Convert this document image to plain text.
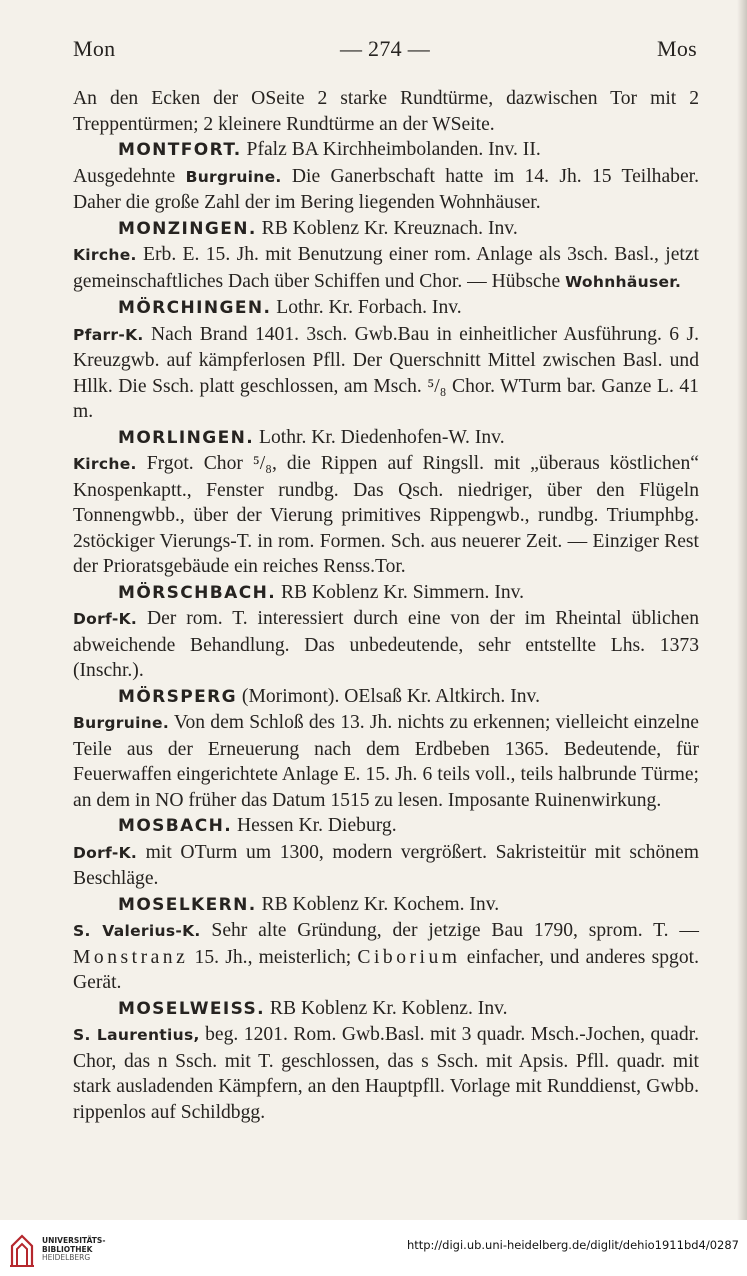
Mon	— 274 —	Mos

An den Ecken der OSeite 2 starke Rundtürme, dazwischen Tor mit 2 Treppentürmen; 2 kleinere Rundtürme an der WSeite.

MONTFORT. Pfalz BA Kirchheimbolanden. Inv. II.

Ausgedehnte Burgruine. Die Ganerbschaft hatte im 14. Jh. 15 Teilhaber. Daher die große Zahl der im Bering liegenden Wohnhäuser.

MONZINGEN. RB Koblenz Kr. Kreuznach. Inv.

Kirche. Erb. E. 15. Jh. mit Benutzung einer rom. Anlage als 3sch. Basl., jetzt gemeinschaftliches Dach über Schiffen und Chor. — Hübsche Wohnhäuser.

MÖRCHINGEN. Lothr. Kr. Forbach. Inv.

Pfarr-K. Nach Brand 1401. 3sch. Gwb.Bau in einheitlicher Ausführung. 6 J. Kreuzgwb. auf kämpferlosen Pfll. Der Querschnitt Mittel zwischen Basl. und Hllk. Die Ssch. platt geschlossen, am Msch. ⁵/₈ Chor. WTurm bar. Ganze L. 41 m.

MORLINGEN. Lothr. Kr. Diedenhofen-W. Inv.

Kirche. Frgot. Chor ⁵/₈, die Rippen auf Ringsll. mit „überaus köstlichen“ Knospenkaptt., Fenster rundbg. Das Qsch. niedriger, über den Flügeln Tonnengwbb., über der Vierung primitives Rippengwb., rundbg. Triumphbg. 2stöckiger Vierungs-T. in rom. Formen. Sch. aus neuerer Zeit. — Einziger Rest der Prioratsgebäude ein reiches Renss.Tor.

MÖRSCHBACH. RB Koblenz Kr. Simmern. Inv.

Dorf-K. Der rom. T. interessiert durch eine von der im Rheintal üblichen abweichende Behandlung. Das unbedeutende, sehr entstellte Lhs. 1373 (Inschr.).

MÖRSPERG (Morimont). OElsaß Kr. Altkirch. Inv.

Burgruine. Von dem Schloß des 13. Jh. nichts zu erkennen; vielleicht einzelne Teile aus der Erneuerung nach dem Erdbeben 1365. Bedeutende, für Feuerwaffen eingerichtete Anlage E. 15. Jh. 6 teils voll., teils halbrunde Türme; an dem in NO früher das Datum 1515 zu lesen. Imposante Ruinenwirkung.

MOSBACH. Hessen Kr. Dieburg.

Dorf-K. mit OTurm um 1300, modern vergrößert. Sakristeitür mit schönem Beschläge.

MOSELKERN. RB Koblenz Kr. Kochem. Inv.

S. Valerius-K. Sehr alte Gründung, der jetzige Bau 1790, sprom. T. — Monstranz 15. Jh., meisterlich; Ciborium einfacher, und anderes spgot. Gerät.

MOSELWEISS. RB Koblenz Kr. Koblenz. Inv.

S. Laurentius, beg. 1201. Rom. Gwb.Basl. mit 3 quadr. Msch.-Jochen, quadr. Chor, das n Ssch. mit T. geschlossen, das s Ssch. mit Apsis. Pfll. quadr. mit stark ausladenden Kämpfern, an den Hauptpfll. Vorlage mit Runddienst, Gwbb. rippenlos auf Schildbgg.

UNIVERSITÄTS-
BIBLIOTHEK
HEIDELBERG
http://digi.ub.uni-heidelberg.de/diglit/dehio1911bd4/0287
